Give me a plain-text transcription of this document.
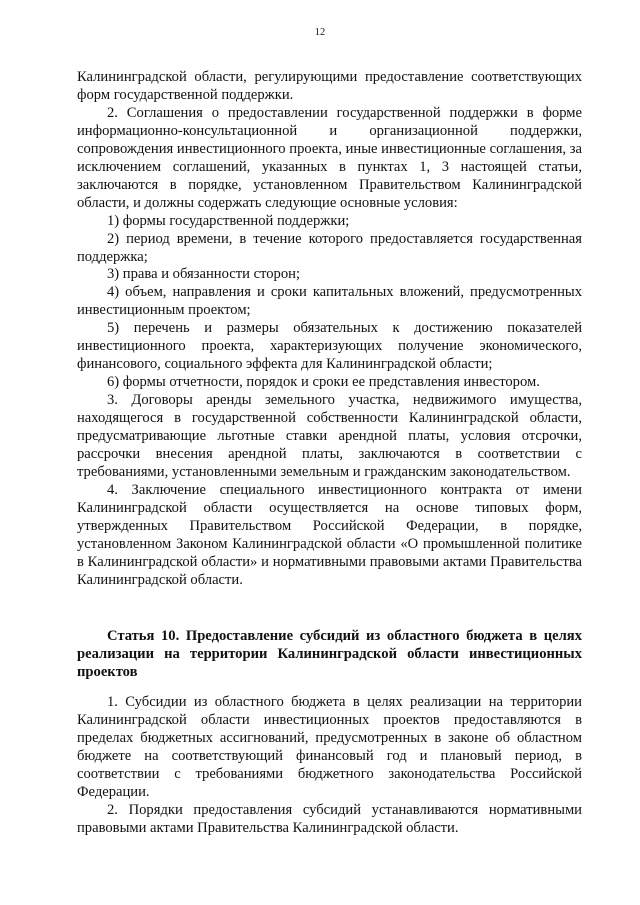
12

Калининградской области, регулирующими предоставление соответствующих форм государственной поддержки.

2. Соглашения о предоставлении государственной поддержки в форме информационно-консультационной и организационной поддержки, сопровождения инвестиционного проекта, иные инвестиционные соглашения, за исключением соглашений, указанных в пунктах 1, 3 настоящей статьи, заключаются в порядке, установленном Правительством Калининградской области, и должны содержать следующие основные условия:

1) формы государственной поддержки;

2) период времени, в течение которого предоставляется государственная поддержка;

3) права и обязанности сторон;

4) объем, направления и сроки капитальных вложений, предусмотренных инвестиционным проектом;

5) перечень и размеры обязательных к достижению показателей инвестиционного проекта, характеризующих получение экономического, финансового, социального эффекта для Калининградской области;

6) формы отчетности, порядок и сроки ее представления инвестором.

3. Договоры аренды земельного участка, недвижимого имущества, находящегося в государственной собственности Калининградской области, предусматривающие льготные ставки арендной платы, условия отсрочки, рассрочки внесения арендной платы, заключаются в соответствии с требованиями, установленными земельным и гражданским законодательством.

4. Заключение специального инвестиционного контракта от имени Калининградской области осуществляется на основе типовых форм, утвержденных Правительством Российской Федерации, в порядке, установленном Законом Калининградской области «О промышленной политике в Калининградской области» и нормативными правовыми актами Правительства Калининградской области.

Статья 10. Предоставление субсидий из областного бюджета в целях реализации на территории Калининградской области инвестиционных проектов

1. Субсидии из областного бюджета в целях реализации на территории Калининградской области инвестиционных проектов предоставляются в пределах бюджетных ассигнований, предусмотренных в законе об областном бюджете на соответствующий финансовый год и плановый период, в соответствии с требованиями бюджетного законодательства Российской Федерации.

2. Порядки предоставления субсидий устанавливаются нормативными правовыми актами Правительства Калининградской области.
